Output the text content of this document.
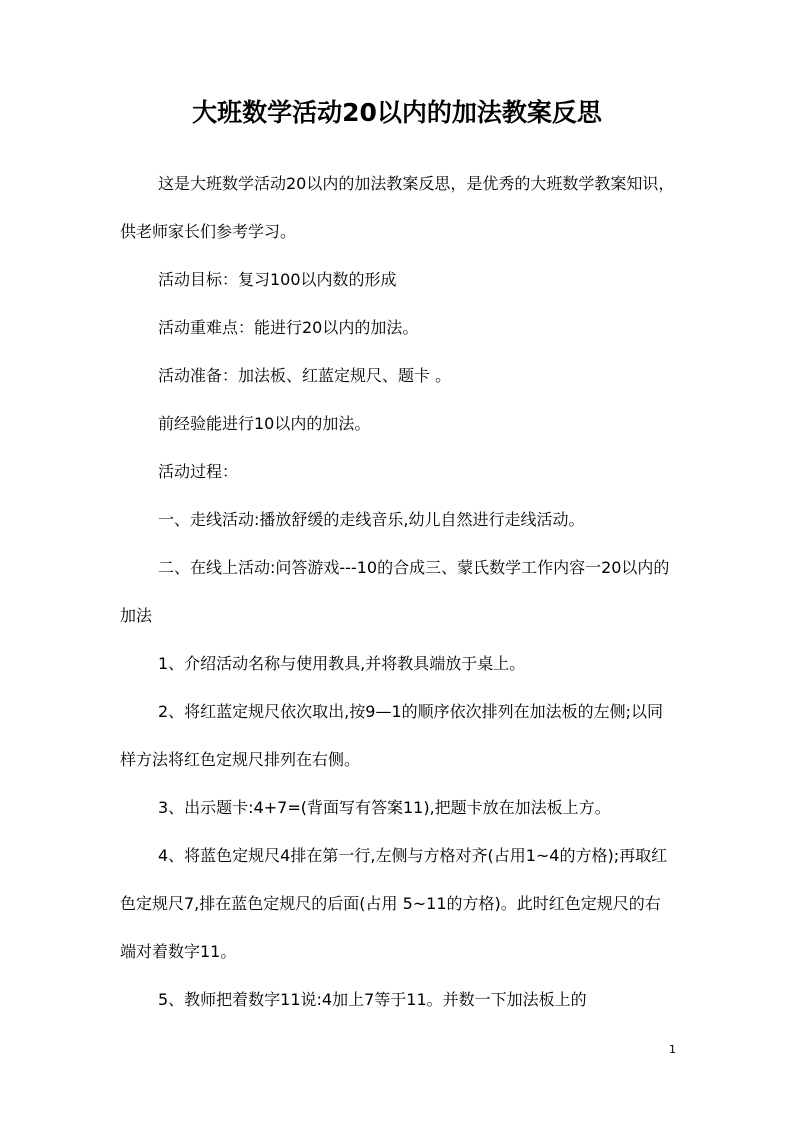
大班数学活动20以内的加法教案反思

这是大班数学活动20以内的加法教案反思，是优秀的大班数学教案知识，供老师家长们参考学习。

活动目标：复习100以内数的形成

活动重难点：能进行20以内的加法。

活动准备：加法板、红蓝定规尺、题卡 。

前经验能进行10以内的加法。

活动过程：

一、走线活动:播放舒缓的走线音乐,幼儿自然进行走线活动。

二、在线上活动:问答游戏---10的合成三、蒙氏数学工作内容一20以内的加法

1、介绍活动名称与使用教具,并将教具端放于桌上。

2、将红蓝定规尺依次取出,按9—1的顺序依次排列在加法板的左侧;以同样方法将红色定规尺排列在右侧。

3、出示题卡:4+7=(背面写有答案11),把题卡放在加法板上方。

4、将蓝色定规尺4排在第一行,左侧与方格对齐(占用1~4的方格);再取红色定规尺7,排在蓝色定规尺的后面(占用 5~11的方格)。此时红色定规尺的右端对着数字11。

5、教师把着数字11说:4加上7等于11。并数一下加法板上的

1
